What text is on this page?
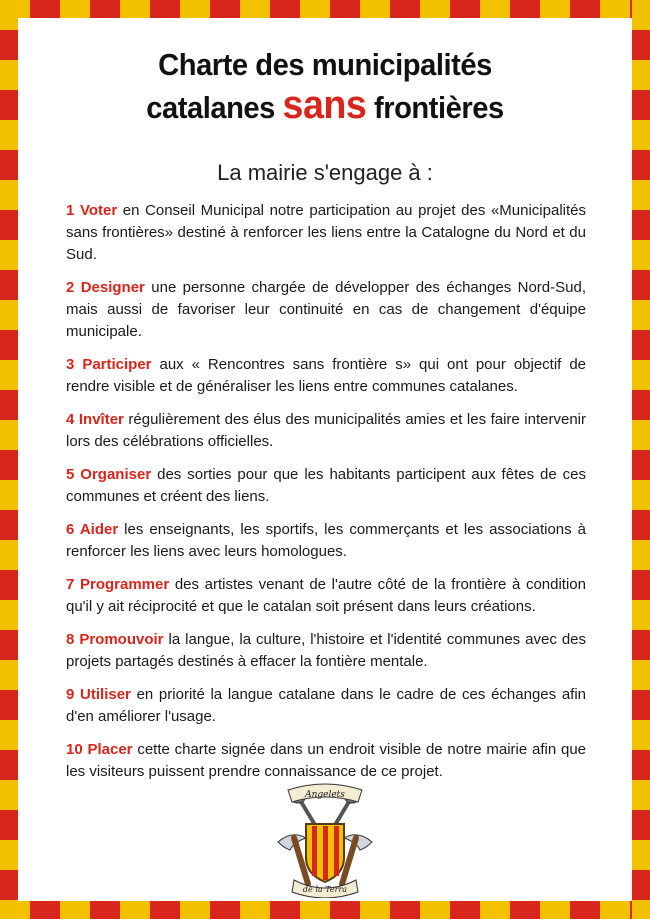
Charte des municipalités
catalanes sans frontières
La mairie s'engage à :

1 Voter en Conseil Municipal notre participation au projet des «Municipalités sans frontières» destiné à renforcer les liens entre la Catalogne du Nord et du Sud.

2 Designer une personne chargée de développer des échanges Nord-Sud, mais aussi de favoriser leur continuité en cas de changement d'équipe municipale.

3 Participer aux « Rencontres sans frontière s» qui ont pour objectif de rendre visible et de généraliser les liens entre communes catalanes.

4 Invîter régulièrement des élus des municipalités amies et les faire intervenir lors des célébrations officielles.

5 Organiser des sorties pour que les habitants participent aux fêtes de ces communes et créent des liens.

6 Aider les enseignants, les sportifs, les commerçants et les associations à renforcer les liens avec leurs homologues.

7 Programmer des artistes venant de l'autre côté de la frontière à condition qu'il y ait réciprocité et que le catalan soit présent dans leurs créations.

8 Promouvoir la langue, la culture, l'histoire et l'identité communes avec des projets partagés destinés à effacer la fontière mentale.

9 Utiliser en priorité la langue catalane dans le cadre de ces échanges afin d'en améliorer l'usage.

10 Placer cette charte signée dans un endroit visible de notre mairie afin que les visiteurs puissent prendre connaissance de ce projet.

Angelets
de la Terra
